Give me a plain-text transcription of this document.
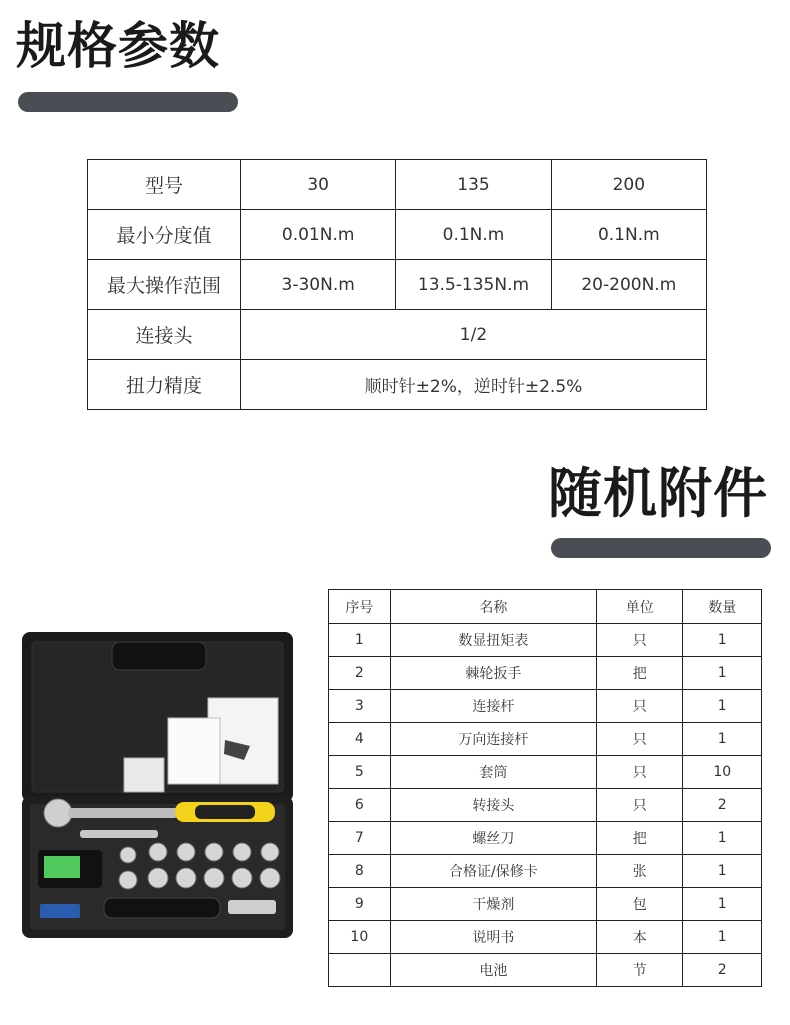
规格参数
型号	30	135	200
最小分度值	0.01N.m	0.1N.m	0.1N.m
最大操作范围	3-30N.m	13.5-135N.m	20-200N.m
连接头	1/2		
扭力精度	顺时针±2%，逆时针±2.5%		
随机附件
序号	名称	单位	数量
1	数显扭矩表	只	1
2	棘轮扳手	把	1
3	连接杆	只	1
4	万向连接杆	只	1
5	套筒	只	10
6	转接头	只	2
7	螺丝刀	把	1
8	合格证/保修卡	张	1
9	干燥剂	包	1
10	说明书	本	1
	电池	节	2
